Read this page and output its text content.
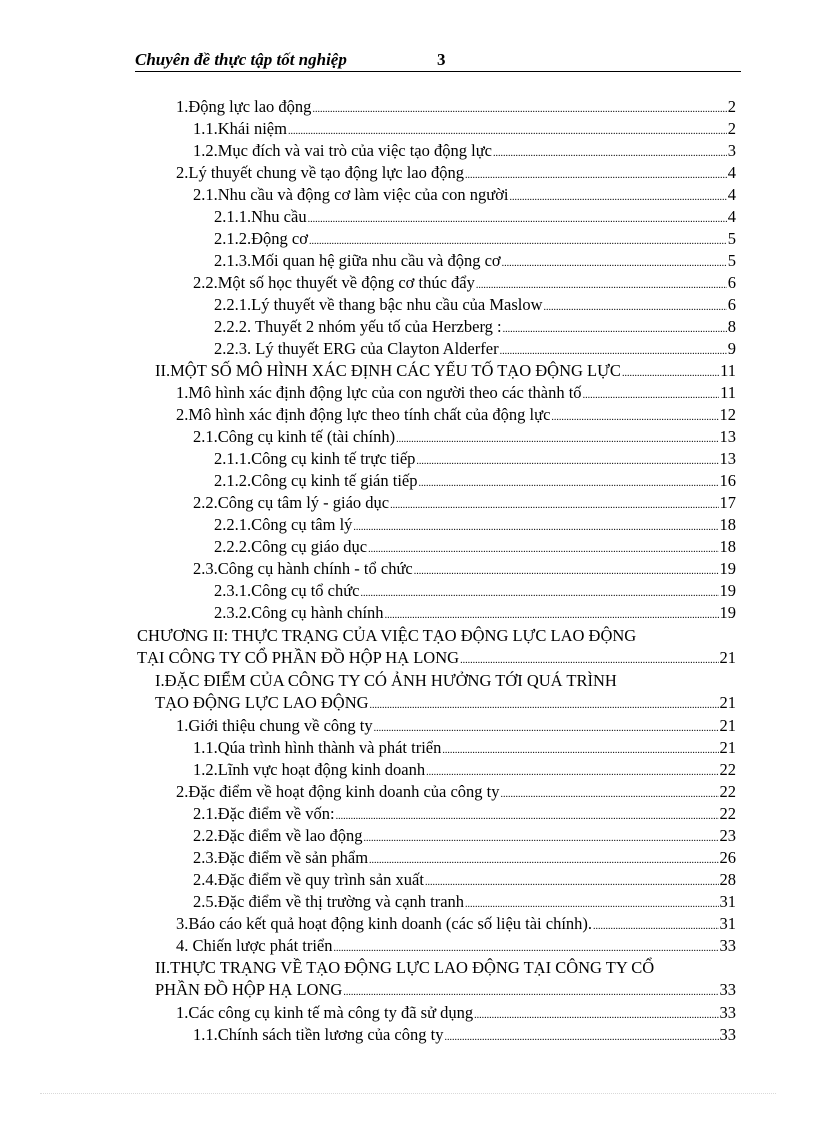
Chuyên đề thực tập tốt nghiệp	3
1.Động lực lao động .....	2
1.1.Khái niệm .....	2
1.2.Mục đích và vai trò của việc tạo động lực .....	3
2.Lý thuyết chung về tạo động lực lao động .....	4
2.1.Nhu cầu và động cơ làm việc của con người .....	4
2.1.1.Nhu cầu .....	4
2.1.2.Động cơ .....	5
2.1.3.Mối quan hệ giữa nhu cầu và động cơ .....	5
2.2.Một số học thuyết về động cơ thúc đẩy .....	6
2.2.1.Lý thuyết về thang bậc nhu cầu của Maslow .....	6
2.2.2. Thuyết 2 nhóm yếu tố của Herzberg : .....	8
2.2.3. Lý thuyết ERG của Clayton Alderfer .....	9
II.MỘT SỐ MÔ HÌNH XÁC ĐỊNH CÁC YẾU TỐ TẠO ĐỘNG LỰC .....	11
1.Mô hình xác định động lực của con người theo các thành tố .....	11
2.Mô hình xác định động lực theo tính chất của động lực .....	12
2.1.Công cụ kinh tế (tài chính) .....	13
2.1.1.Công cụ kinh tế trực tiếp .....	13
2.1.2.Công cụ kinh tế gián tiếp .....	16
2.2.Công cụ tâm lý - giáo dục .....	17
2.2.1.Công cụ tâm lý .....	18
2.2.2.Công cụ giáo dục .....	18
2.3.Công cụ hành chính - tổ chức .....	19
2.3.1.Công cụ tổ chức .....	19
2.3.2.Công cụ hành chính .....	19
CHƯƠNG II: THỰC TRẠNG CỦA VIỆC TẠO ĐỘNG LỰC LAO ĐỘNG
TẠI CÔNG TY CỔ PHẦN ĐỒ HỘP HẠ LONG .....	21
I.ĐẶC ĐIỂM CỦA CÔNG TY CÓ ẢNH HƯỞNG TỚI QUÁ TRÌNH
TẠO ĐỘNG LỰC LAO ĐỘNG .....	21
1.Giới thiệu chung về công ty .....	21
1.1.Qúa trình hình thành và phát triển .....	21
1.2.Lĩnh vực hoạt động kinh doanh .....	22
2.Đặc điểm về hoạt động kinh doanh của công ty .....	22
2.1.Đặc điểm về vốn: .....	22
2.2.Đặc điểm về lao động .....	23
2.3.Đặc điểm về sản phẩm .....	26
2.4.Đặc điểm về quy trình sản xuất .....	28
2.5.Đặc điểm về thị trường và cạnh tranh .....	31
3.Báo cáo kết quả hoạt động kinh doanh (các số liệu tài chính). .....	31
4. Chiến lược phát triển .....	33
II.THỰC TRẠNG VỀ TẠO ĐỘNG LỰC LAO ĐỘNG TẠI CÔNG TY CỔ
PHẦN ĐỒ HỘP HẠ LONG .....	33
1.Các công cụ kinh tế mà công ty đã sử dụng .....	33
1.1.Chính sách tiền lương của công ty .....	33
